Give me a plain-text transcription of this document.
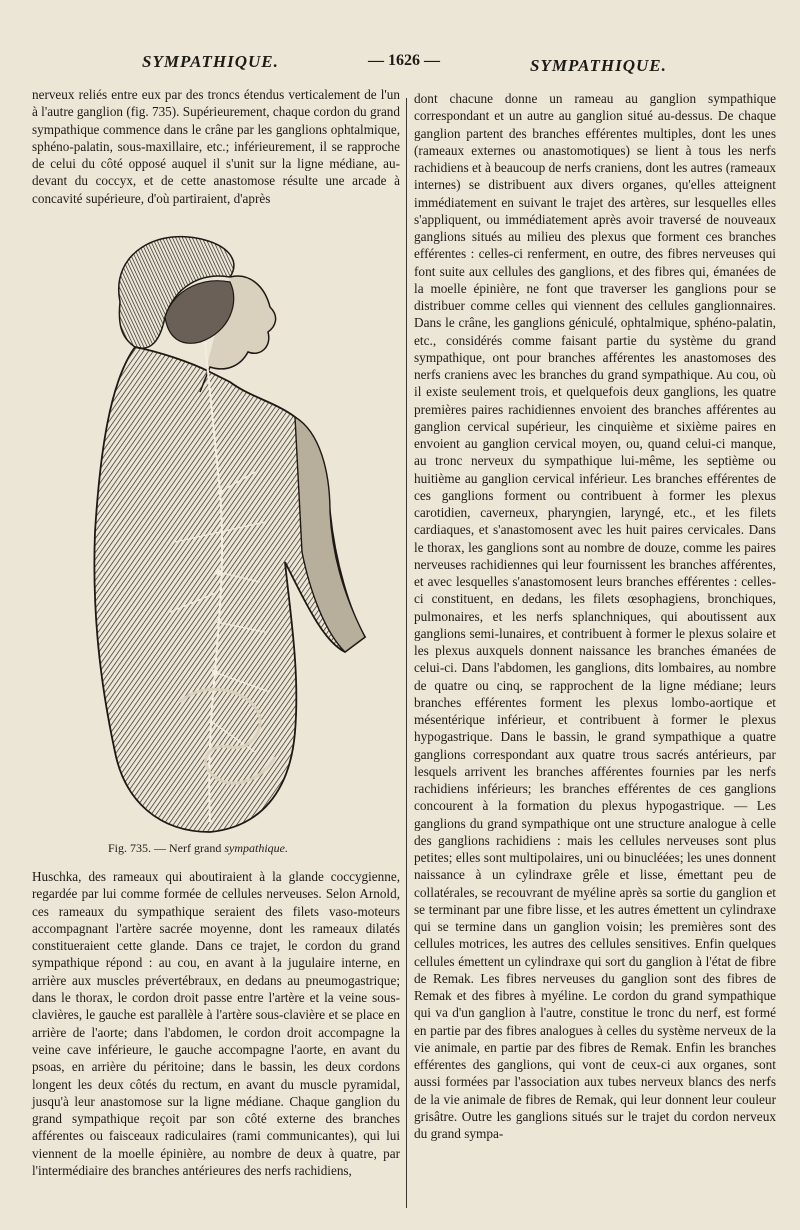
SYMPATHIQUE.	— 1626 —	SYMPATHIQUE.

nerveux reliés entre eux par des troncs étendus verticalement de l'un à l'autre ganglion (fig. 735). Supérieurement, chaque cordon du grand sympathique commence dans le crâne par les ganglions ophtalmique, sphéno-palatin, sous-maxillaire, etc.; inférieurement, il se rapproche de celui du côté opposé auquel il s'unit sur la ligne médiane, au-devant du coccyx, et de cette anastomose résulte une arcade à concavité supérieure, d'où partiraient, d'après

Fig. 735. — Nerf grand sympathique.

Huschka, des rameaux qui aboutiraient à la glande coccygienne, regardée par lui comme formée de cellules nerveuses. Selon Arnold, ces rameaux du sympathique seraient des filets vaso-moteurs accompagnant l'artère sacrée moyenne, dont les rameaux dilatés constitueraient cette glande. Dans ce trajet, le cordon du grand sympathique répond : au cou, en avant à la jugulaire interne, en arrière aux muscles prévertébraux, en dedans au pneumogastrique; dans le thorax, le cordon droit passe entre l'artère et la veine sous-clavières, le gauche est parallèle à l'artère sous-clavière et se place en arrière de l'aorte; dans l'abdomen, le cordon droit accompagne la veine cave inférieure, le gauche accompagne l'aorte, en avant du psoas, en arrière du péritoine; dans le bassin, les deux cordons longent les deux côtés du rectum, en avant du muscle pyramidal, jusqu'à leur anastomose sur la ligne médiane. Chaque ganglion du grand sympathique reçoit par son côté externe des branches afférentes ou faisceaux radiculaires (rami communicantes), qui lui viennent de la moelle épinière, au nombre de deux à quatre, par l'intermédiaire des branches antérieures des nerfs rachidiens,

dont chacune donne un rameau au ganglion sympathique correspondant et un autre au ganglion situé au-dessus. De chaque ganglion partent des branches efférentes multiples, dont les unes (rameaux externes ou anastomotiques) se lient à tous les nerfs rachidiens et à beaucoup de nerfs craniens, dont les autres (rameaux internes) se distribuent aux divers organes, qu'elles atteignent immédiatement en suivant le trajet des artères, sur lesquelles elles s'appliquent, ou immédiatement après avoir traversé de nouveaux ganglions situés au milieu des plexus que forment ces branches efférentes : celles-ci renferment, en outre, des fibres nerveuses qui font suite aux cellules des ganglions, et des fibres qui, émanées de la moelle épinière, ne font que traverser les ganglions pour se distribuer comme celles qui viennent des cellules ganglionnaires. Dans le crâne, les ganglions géniculé, ophtalmique, sphéno-palatin, etc., considérés comme faisant partie du système du grand sympathique, ont pour branches afférentes les anastomoses des nerfs craniens avec les branches du grand sympathique. Au cou, où il existe seulement trois, et quelquefois deux ganglions, les quatre premières paires rachidiennes envoient des branches afférentes au ganglion cervical supérieur, les cinquième et sixième paires en envoient au ganglion cervical moyen, ou, quand celui-ci manque, au tronc nerveux du sympathique lui-même, les septième ou huitième au ganglion cervical inférieur. Les branches efférentes de ces ganglions forment ou contribuent à former les plexus carotidien, caverneux, pharyngien, laryngé, etc., et les filets cardiaques, et s'anastomosent avec les huit paires cervicales. Dans le thorax, les ganglions sont au nombre de douze, comme les paires nerveuses rachidiennes qui leur fournissent les branches afférentes, et avec lesquelles s'anastomosent leurs branches efférentes : celles-ci constituent, en dedans, les filets œsophagiens, bronchiques, pulmonaires, et les nerfs splanchniques, qui aboutissent aux ganglions semi-lunaires, et contribuent à former le plexus solaire et les plexus auxquels donnent naissance les branches émanées de celui-ci. Dans l'abdomen, les ganglions, dits lombaires, au nombre de quatre ou cinq, se rapprochent de la ligne médiane; leurs branches efférentes forment les plexus lombo-aortique et mésentérique inférieur, et contribuent à former le plexus hypogastrique. Dans le bassin, le grand sympathique a quatre ganglions correspondant aux quatre trous sacrés antérieurs, par lesquels arrivent les branches afférentes fournies par les nerfs rachidiens inférieurs; les branches efférentes de ces ganglions concourent à la formation du plexus hypogastrique. — Les ganglions du grand sympathique ont une structure analogue à celle des ganglions rachidiens : mais les cellules nerveuses sont plus petites; elles sont multipolaires, uni ou binucléées; les unes donnent naissance à un cylindraxe grêle et lisse, émettant peu de collatérales, se recouvrant de myéline après sa sortie du ganglion et se terminant par une fibre lisse, et les autres émettent un cylindraxe qui se termine dans un ganglion voisin; les premières sont des cellules motrices, les autres des cellules sensitives. Enfin quelques cellules émettent un cylindraxe qui sort du ganglion à l'état de fibre de Remak. Les fibres nerveuses du ganglion sont des fibres de Remak et des fibres à myéline. Le cordon du grand sympathique qui va d'un ganglion à l'autre, constitue le tronc du nerf, est formé en partie par des fibres analogues à celles du système nerveux de la vie animale, en partie par des fibres de Remak. Enfin les branches efférentes des ganglions, qui vont de ceux-ci aux organes, sont aussi formées par l'association aux tubes nerveux blancs des nerfs de la vie animale de fibres de Remak, qui leur donnent leur couleur grisâtre. Outre les ganglions situés sur le trajet du cordon nerveux du grand sympa-
